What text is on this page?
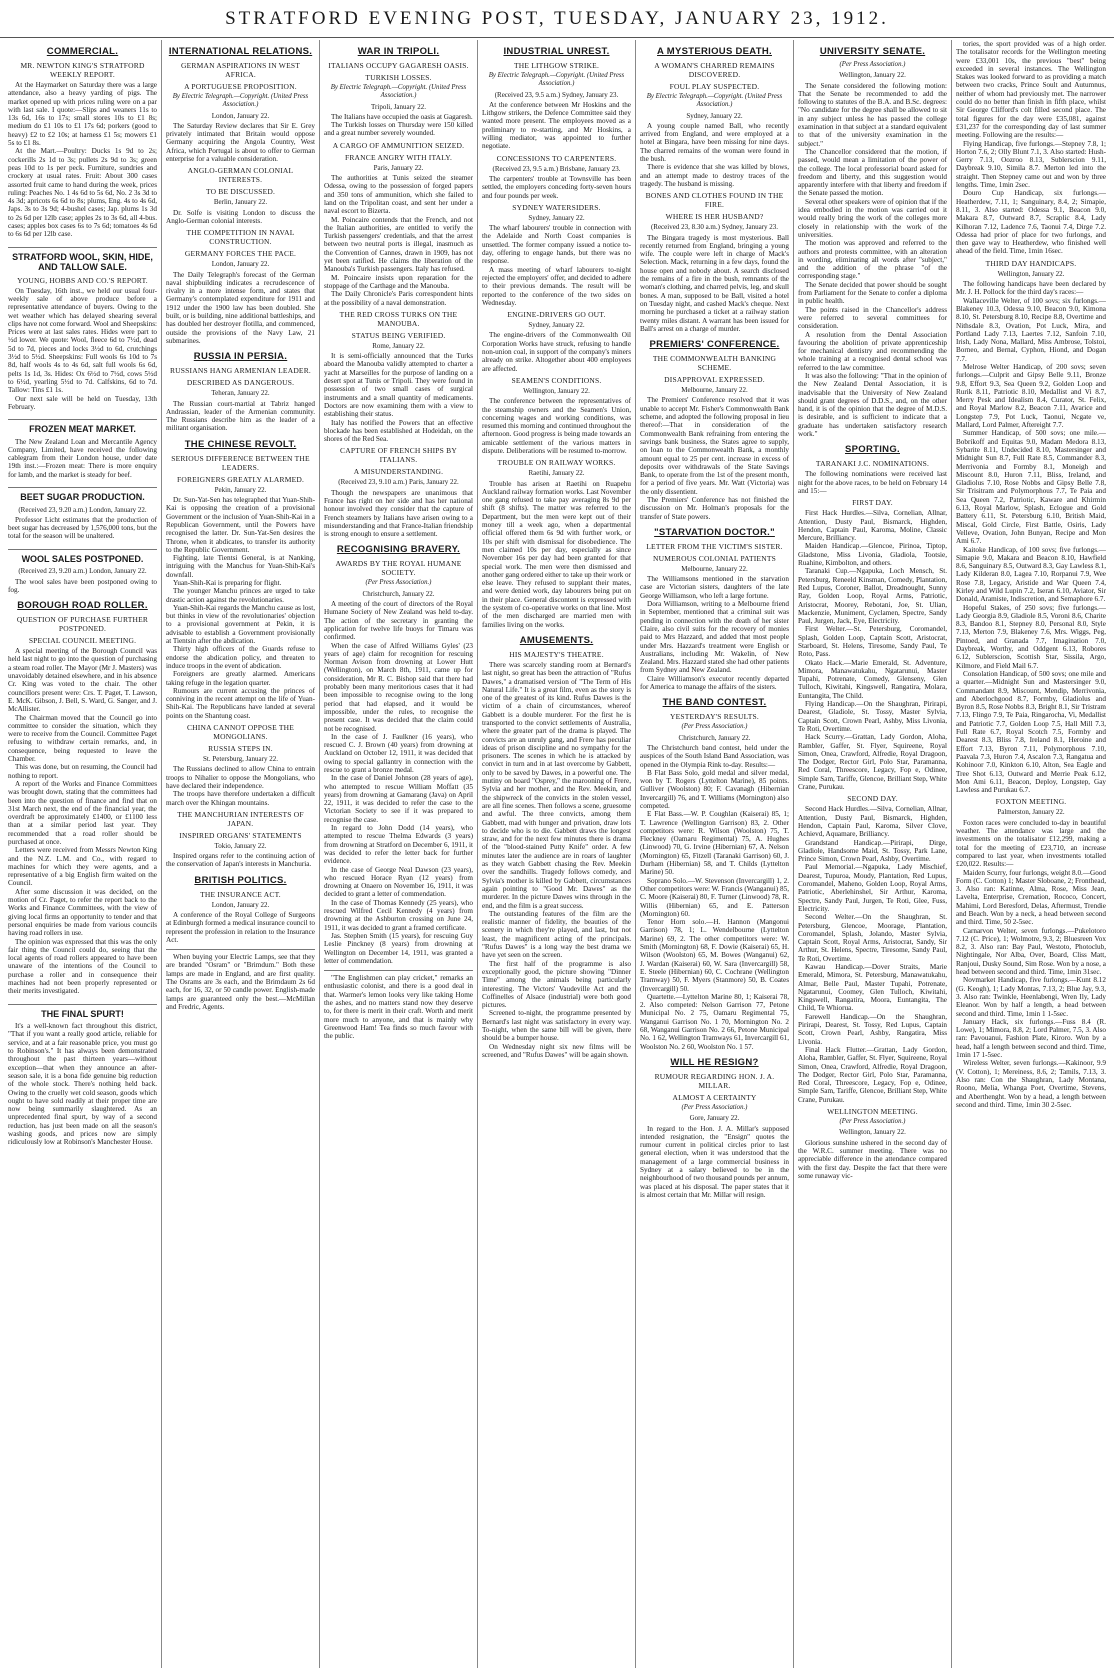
STRATFORD EVENING POST, TUESDAY, JANUARY 23, 1912.
COMMERCIAL.
MR. NEWTON KING'S STRATFORD WEEKLY REPORT.
At the Haymarket on Saturday there was a large attendance, also a heavy yarding of pigs. The market opened up with prices ruling were on a par with last sale. I quote:—Slips and weaners 11s to 13s 6d, 16s to 17s; small stores 10s to £1 8s; medium do £1 10s to £1 17s 6d; porkers (good to heavy) £2 to £2 10s; at harness £1 5s; mowers £1 5s to £1 8s.
At the Mart.—Poultry: Ducks 1s 9d to 2s; cockerills 2s 1d to 3s; pullets 2s 9d to 3s; green peas 10d to 1s per peck. Furniture, sundries and crockery at usual rates. Fruit: About 300 cases assorted fruit came to hand during the week, prices ruling: Peaches No. 1 4s 6d to 5s 6d, No. 2 3s 3d to 4s 3d; apricots 6s 6d to 8s; plums, Eng. 4s to 4s 6d, Japs. 3s to 3s 9d; 4-bushel cases; Jap. plums 1s 3d to 2s 6d per 12lb case; apples 2s to 3s 6d, all 4-bus. cases; apples box cases 6s to 7s 6d; tomatoes 4s 6d to 6s 6d per 12lb case.
STRATFORD WOOL, SKIN, HIDE, AND TALLOW SALE.
YOUNG, HOBBS AND CO.'S REPORT.
On Tuesday, 16th inst., we held our usual four-weekly sale of above produce before a representative attendance of buyers. Owing to the wet weather which has delayed shearing several clips have not come forward. Wool and Sheepskins: Prices were at last sales rates. Hides were part to ½d lower. We quote: Wool, fleece 6d to 7½d, dead 5d to 7d, pieces and locks 3½d to 6d, crutchings 3½d to 5½d. Sheepskins: Full wools 6s 10d to 7s 8d, half wools 4s to 4s 6d, salt full wools 6s 6d, pelts 1s 1d, 3s. Hides: Ox 6½d to 7½d, cows 5½d to 6½d, yearling 5½d to 7d. Calfskins, 6d to 7d. Tallow: Tins £1 1s.
Our next sale will be held on Tuesday, 13th February.
FROZEN MEAT MARKET.
The New Zealand Loan and Mercantile Agency Company, Limited, have received the following cablegram from their London house, under date 19th inst.:—Frozen meat: There is more enquiry for lamb, and the market is steady for beef.
BEET SUGAR PRODUCTION.
(Received 23, 9.20 a.m.) London, January 22.
Professor Licht estimates that the production of beet sugar has decreased by 1,576,000 tons, but the total for the season will be unaltered.
WOOL SALES POSTPONED.
(Received 23, 9.20 a.m.) London, January 22.
The wool sales have been postponed owing to fog.
BOROUGH ROAD ROLLER.
QUESTION OF PURCHASE FURTHER POSTPONED.
SPECIAL COUNCIL MEETING.
A special meeting of the Borough Council was held last night to go into the question of purchasing a steam road roller. The Mayor (Mr J. Masters) was unavoidably detained elsewhere, and in his absence Cr. King was voted to the chair. The other councillors present were: Crs. T. Paget, T. Lawson, E. McK. Gibson, J. Bell, S. Ward, G. Sanger, and J. McAllister.
The Chairman moved that the Council go into committee to consider the situation, which they were to receive from the Council. Committee Paget refusing to withdraw certain remarks, and, in consequence, being requested to leave the Chamber.
This was done, but on resuming, the Council had nothing to report.
A report of the Works and Finance Committees was brought down, stating that the committees had been into the question of finance and find that on 31st March next, the end of the financial year, the overdraft be approximately £1400, or £1100 less than at a similar period last year. They recommended that a road roller should be purchased at once.
Letters were received from Messrs Newton King and the N.Z. L.M. and Co., with regard to machines for which they were agents, and a representative of a big English firm waited on the Council.
After some discussion it was decided, on the motion of Cr. Paget, to refer the report back to the Works and Finance Committees, with the view of giving local firms an opportunity to tender and that personal enquiries be made from various councils having road rollers in use.
The opinion was expressed that this was the only fair thing the Council could do, seeing that the local agents of road rollers appeared to have been unaware of the intentions of the Council to purchase a roller and in consequence their machines had not been properly represented or their merits investigated.
THE FINAL SPURT!
It's a well-known fact throughout this district, "That if you want a really good article, reliable for service, and at a fair reasonable price, you must go to Robinson's." It has always been demonstrated throughout the past thirteen years—without exception—that when they announce an after-season sale, it is a bona fide genuine big reduction of the whole stock. There's nothing held back. Owing to the cruelly wet cold season, goods which ought to have sold readily at their proper time are now being summarily slaughtered. As an unprecedented final spurt, by way of a second reduction, has just been made on all the season's washing goods, and prices now are simply ridiculously low at Robinson's Manchester House.
INTERNATIONAL RELATIONS.
GERMAN ASPIRATIONS IN WEST AFRICA.
A PORTUGUESE PROPOSITION.
By Electric Telegraph.—Copyright. (United Press Association.)
London, January 22.
The Saturday Review declares that Sir E. Grey privately intimated that Britain would oppose Germany acquiring the Angola Country, West Africa, which Portugal is about to offer to German enterprise for a valuable consideration.
ANGLO-GERMAN COLONIAL INTERESTS.
TO BE DISCUSSED.
Berlin, January 22.
Dr. Solfe is visiting London to discuss the Anglo-German colonial interests.
THE COMPETITION IN NAVAL CONSTRUCTION.
GERMANY FORCES THE PACE.
London, January 22.
The Daily Telegraph's forecast of the German naval shipbuilding indicates a recrudescence of rivalry in a more intense form, and states that Germany's contemplated expenditure for 1911 and 1912 under the 1900 law has been doubled. She built, or is building, nine additional battleships, and has doubled her destroyer flotilla, and commenced, outside the provisions of the Navy Law, 21 submarines.
RUSSIA IN PERSIA.
RUSSIANS HANG ARMENIAN LEADER.
DESCRIBED AS DANGEROUS.
Teheran, January 22.
The Russian court-martial at Tabriz hanged Andrassian, leader of the Armenian community. The Russians describe him as the leader of a militant organisation.
THE CHINESE REVOLT.
SERIOUS DIFFERENCE BETWEEN THE LEADERS.
FOREIGNERS GREATLY ALARMED.
Pekin, January 22.
Dr. Sun-Yat-Sen has telegraphed that Yuan-Shih-Kai is opposing the creation of a provisional Government or the inclusion of Yuan-Shih-Kai in a Republican Government, until the Powers have recognised the latter. Dr. Sun-Yat-Sen desires the Throne, when it abdicates, to transfer its authority to the Republic Government.
Fighting, late Tientsi General, is at Nanking, intriguing with the Manchus for Yuan-Shih-Kai's downfall.
Yuan-Shih-Kai is preparing for flight.
The younger Manchu princes are urged to take drastic action against the revolutionaries.
Yuan-Shih-Kai regards the Manchu cause as lost, but thinks in view of the revolutionaries' objection to a provisional government at Pekin, it is advisable to establish a Government provisionally at Tientsin after the abdication.
Thirty high officers of the Guards refuse to endorse the abdication policy, and threaten to induce troops in the event of abdication.
Foreigners are greatly alarmed. Americans taking refuge in the legation quarter.
Rumours are current accusing the princes of conniving in the recent attempt on the life of Yuan-Shih-Kai. The Republicans have landed at several points on the Shantung coast.
CHINA CANNOT OPPOSE THE MONGOLIANS.
RUSSIA STEPS IN.
St. Petersburg, January 22.
The Russians declined to allow China to entrain troops to Nihalier to oppose the Mongolians, who have declared their independence.
The troops have therefore undertaken a difficult march over the Khingan mountains.
THE MANCHURIAN INTERESTS OF JAPAN.
INSPIRED ORGANS' STATEMENTS
Tokio, January 22.
Inspired organs refer to the continuing action of the conservation of Japan's interests in Manchuria.
BRITISH POLITICS.
THE INSURANCE ACT.
London, January 22.
A conference of the Royal College of Surgeons at Edinburgh formed a medical insurance council to represent the profession in relation to the Insurance Act.
When buying your Electric Lamps, see that they are branded "Osram" or "Brimdum." Both these lamps are made in England, and are first quality. The Osrams are 3s each, and the Brimdaum 2s 6d each, for 16, 32, or 50 candle power. English-made lamps are guaranteed only the best.—McMillan and Fredric, Agents.
WAR IN TRIPOLI.
ITALIANS OCCUPY GAGARESH OASIS.
TURKISH LOSSES.
By Electric Telegraph.—Copyright. (United Press Association.)
Tripoli, January 22.
The Italians have occupied the oasis at Gagaresh.
The Turkish losses on Thursday were 150 killed and a great number severely wounded.
A CARGO OF AMMUNITION SEIZED.
FRANCE ANGRY WITH ITALY.
Paris, January 22.
The authorities at Tunis seized the steamer Odessa, owing to the possession of forged papers and 350 tons of ammunition, which she failed to land on the Tripolitan coast, and sent her under a naval escort to Bizerta.
M. Poincaire contends that the French, and not the Italian authorities, are entitled to verify the Turkish passengers' credentials, and that the arrest between two neutral ports is illegal, inasmuch as the Convention of Cannes, drawn in 1909, has not yet been ratified. He claims the liberation of the Manouba's Turkish passengers. Italy has refused.
M. Poincaire insists upon reparation for the stoppage of the Carthage and the Manouba.
The Daily Chronicle's Paris correspondent hints at the possibility of a naval demonstration.
THE RED CROSS TURKS ON THE MANOUBA.
STATUS BEING VERIFIED.
Rome, January 22.
It is semi-officially announced that the Turks aboard the Manouba validly attempted to charter a yacht at Marseilles for the purpose of landing on a desert spot at Tunis or Tripoli. They were found in possession of two small cases of surgical instruments and a small quantity of medicaments. Doctors are now examining them with a view to establishing their status.
Italy has notified the Powers that an effective blockade has been established at Hodeidah, on the shores of the Red Sea.
CAPTURE OF FRENCH SHIPS BY ITALIANS.
A MISUNDERSTANDING.
(Received 23, 9.10 a.m.) Paris, January 22.
Though the newspapers are unanimous that France has right on her side and has her national honour involved they consider that the capture of French steamers by Italians have arisen owing to a misunderstanding and that France-Italian friendship is strong enough to ensure a settlement.
RECOGNISING BRAVERY.
AWARDS BY THE ROYAL HUMANE SOCIETY.
(Per Press Association.)
Christchurch, January 22.
A meeting of the court of directors of the Royal Humane Society of New Zealand was held to-day. The action of the secretary in granting the application for twelve life buoys for Timaru was confirmed.
When the case of Alfred Williams Gyles' (23 years of age) claim for recognition for rescuing Norman Avison from drowning at Lower Hutt (Wellington), on March 8th, 1911, came up for consideration, Mr R. C. Bishop said that there had probably been many meritorious cases that it had been impossible to recognise owing to the long period that had elapsed, and it would be impossible, under the rules, to recognise the present case. It was decided that the claim could not be recognised.
In the case of J. Faulkner (16 years), who rescued C. J. Brown (40 years) from drowning at Auckland on October 12, 1911, it was decided that owing to special gallantry in connection with the rescue to grant a bronze medal.
In the case of Daniel Johnson (28 years of age), who attempted to rescue William Moffatt (35 years) from drowning at Gamarang (Java) on April 22, 1911, it was decided to refer the case to the Victorian Society to see if it was prepared to recognise the case.
In regard to John Dodd (14 years), who attempted to rescue Thelma Edwards (3 years) from drowning at Stratford on December 6, 1911, it was decided to refer the letter back for further evidence.
In the case of George Neal Dawson (23 years), who rescued Horace Ryan (12 years) from drowning at Onaero on November 16, 1911, it was decided to grant a letter of commendation.
In the case of Thomas Kennedy (25 years), who rescued Wilfred Cecil Kennedy (4 years) from drowning at the Ashburton crossing on June 24, 1911, it was decided to grant a framed certificate.
Jas. Stephen Smith (15 years), for rescuing Guy Leslie Pinckney (8 years) from drowning at Wellington on December 14, 1911, was granted a letter of commendation.
"The Englishmen can play cricket," remarks an enthusiastic colonist, and there is a good deal in that. Warmer's lemon looks very like taking Home the ashes, and no matters stand now they deserve to, for there is merit in their craft. Worth and merit more much to anyone, and that is mainly why Greenwood Ham! Tea finds so much favour with the public.
INDUSTRIAL UNREST.
THE LITHGOW STRIKE.
By Electric Telegraph.—Copyright. (United Press Association.)
(Received 23, 9.5 a.m.) Sydney, January 23.
At the conference between Mr Hoskins and the Lithgow strikers, the Defence Committee said they wanted more present. The employees moved as a preliminary to re-starting, and Mr Hoskins, a willing mediator, was appointed to further negotiate.
CONCESSIONS TO CARPENTERS.
(Received 23, 9.5 a.m.) Brisbane, January 23.
The carpenters' trouble at Townsville has been settled, the employers conceding forty-seven hours and four pounds per week.
SYDNEY WATERSIDERS.
Sydney, January 22.
The wharf labourers' trouble in connection with the Adelaide and North Coast companies is unsettled. The former company issued a notice to-day, offering to engage hands, but there was no response.
A mass meeting of wharf labourers to-night rejected the employers' offer, and decided to adhere to their previous demands. The result will be reported to the conference of the two sides on Wednesday.
ENGINE-DRIVERS GO OUT.
Sydney, January 22.
The engine-drivers of the Commonwealth Oil Corporation Works have struck, refusing to handle non-union coal, in support of the company's miners already on strike. Altogether about 400 employees are affected.
SEAMEN'S CONDITIONS.
Wellington, January 22.
The conference between the representatives of the steamship owners and the Seamen's Union, concerning wages and working conditions, was resumed this morning and continued throughout the afternoon. Good progress is being made towards an amicable settlement of the various matters in dispute. Deliberations will be resumed to-morrow.
TROUBLE ON RAILWAY WORKS.
Raetihi, January 22.
Trouble has arisen at Raetihi on Ruapehu Auckland railway formation works. Last November one gang refused to take pay averaging 8s 9d per shift (8 shifts). The matter was referred to the Department, but the men were kept out of their money till a week ago, when a departmental official offered them 6s 9d with further work, or 10s per shift with dismissal for disobedience. The men claimed 10s per day, especially as since November 16s per day had been granted for that special work. The men were then dismissed and another gang ordered either to take up their work or else leave. They refused to supplant their mates, and were denied work, day labourers being put on in their place. General discontent is expressed with the system of co-operative works on that line. Most of the men discharged are married men with families living on the works.
AMUSEMENTS.
HIS MAJESTY'S THEATRE.
There was scarcely standing room at Bernard's last night, so great has been the attraction of "Rufus Dawes," a dramatised version of "The Term of His Natural Life." It is a great film, even as the story is one of the greatest of its kind. Rufus Dawes is the victim of a chain of circumstances, whereof Gabbett is a double murderer. For the first he is transported to the convict settlements of Australia, where the greater part of the drama is played. The convicts are an unruly gang, and Frere has peculiar ideas of prison discipline and no sympathy for the prisoners. The scenes in which he is attacked by convict in turn and in at last overcome by Gabbett, only to be saved by Dawes, in a powerful one. The mutiny on board "Osprey," the marooning of Frere, Sylvia and her mother, and the Rev. Meekin, and the shipwreck of the convicts in the stolen vessel, are all fine scenes. Then follows a scene, gruesome and awful. The three convicts, among them Gabbett, mad with hunger and privation, draw lots to decide who is to die. Gabbett draws the longest straw, and for the next few minutes there is drama of the "blood-stained Putty Knife" order. A few minutes later the audience are in roars of laughter as they watch Gabbett chasing the Rev. Meekin over the sandhills. Tragedy follows comedy, and Sylvia's mother is killed by Gabbett, circumstances again pointing to "Good Mr. Dawes" as the murderer. In the picture Dawes wins through in the end, and the film is a great success.
The outstanding features of the film are the realistic manner of fidelity, the beauties of the scenery in which they're played, and last, but not least, the magnificent acting of the principals. "Rufus Dawes" is a long way the best drama we have yet seen on the screen.
The first half of the programme is also exceptionally good, the picture showing "Dinner Time" among the animals being particularly interesting. The Victors' Vaudeville Act and the Coffinelles of Alsace (industrial) were both good pictures.
Screened to-night, the programme presented by Bernard's last night was satisfactory in every way. To-night, when the same bill will be given, there should be a bumper house.
On Wednesday night six new films will be screened, and "Rufus Dawes" will be again shown.
A MYSTERIOUS DEATH.
A WOMAN'S CHARRED REMAINS DISCOVERED.
FOUL PLAY SUSPECTED.
By Electric Telegraph.—Copyright. (United Press Association.)
Sydney, January 22.
A young couple named Ball, who recently arrived from England, and were employed at a hotel at Bingara, have been missing for nine days. The charred remains of the woman were found in the bush.
There is evidence that she was killed by blows, and an attempt made to destroy traces of the tragedy. The husband is missing.
BONES AND CLOTHES FOUND IN THE FIRE.
WHERE IS HER HUSBAND?
(Received 23, 8.30 a.m.) Sydney, January 23.
The Bingara tragedy is most mysterious. Ball recently returned from England, bringing a young wife. The couple were left in charge of Mack's Selection. Mack, returning in a few days, found the house open and nobody about. A search disclosed the remains of a fire in the bush, remnants of the woman's clothing, and charred pelvis, leg, and skull bones. A man, supposed to be Ball, visited a hotel on Tuesday night, and cashed Mack's cheque. Next morning he purchased a ticket at a railway station twenty miles distant. A warrant has been issued for Ball's arrest on a charge of murder.
PREMIERS' CONFERENCE.
THE COMMONWEALTH BANKING SCHEME.
DISAPPROVAL EXPRESSED.
Melbourne, January 22.
The Premiers' Conference resolved that it was unable to accept Mr. Fisher's Commonwealth Bank scheme, and adopted the following proposal in lieu thereof:—That in consideration of the Commonwealth Bank refraining from entering the savings bank business, the States agree to supply, on loan to the Commonwealth Bank, a monthly amount equal to 25 per cent. increase in excess of deposits over withdrawals of the State Savings Bank, to operate from the 1st of the present month, for a period of five years. Mr. Watt (Victoria) was the only dissentient.
The Premiers' Conference has not finished the discussion on Mr. Holman's proposals for the transfer of State powers.
"STARVATION DOCTOR."
LETTER FROM THE VICTIM'S SISTER.
NUMEROUS COLONIAL PATIENTS
Melbourne, January 22.
The Williamsons mentioned in the starvation case are Victorian sisters, daughters of the late George Williamson, who left a large fortune.
Dora Williamson, writing to a Melbourne friend in September, mentioned that a criminal suit was pending in connection with the death of her sister Claire, also civil suits for the recovery of monies paid to Mrs Hazzard, and added that most people under Mrs. Hazzard's treatment were English or Australians, including Mr. Wakelin, of New Zealand. Mrs. Hazzard stated she had other patients from Sydney and New Zealand.
Claire Williamson's executor recently departed for America to manage the affairs of the sisters.
THE BAND CONTEST.
YESTERDAY'S RESULTS.
(Per Press Association.)
Christchurch, January 22.
The Christchurch band contest, held under the auspices of the South Island Band Association, was opened in the Olympia Rink to-day. Results:—
B Flat Bass Solo, gold medal and silver medal, won by T. Rogers (Lyttelton Marine), 85 points. Gulliver (Woolston) 80; F. Cavanagh (Hibernian Invercargill) 76, and T. Williams (Mornington) also competed.
E Flat Bass.—W. P. Coughlan (Kaiserai) 85, 1; T. Lawrence (Wellington Garrison) 83, 2. Other competitors were: R. Wilson (Woolston) 75, T. Fleckney (Oamaru Regimental) 75, A. Hughes (Linwood) 70, G. Irvine (Hibernian) 67, A. Nelson (Mornington) 65, Fitzell (Taranaki Garrison) 60, J. Durham (Hibernian) 58, and T. Childs (Lyttelton Marine) 50.
Soprano Solo.—W. Stevenson (Invercargill) 1, 2. Other competitors were: W. Francis (Wanganui) 85, C. Moore (Kaiserai) 80, F. Turner (Linwood) 78, R. Willis (Hibernian) 65, and E. Patterson (Mornington) 60.
Tenor Horn solo.—H. Hannon (Mangonui Garrison) 78, 1; L. Wendelbourne (Lyttelton Marine) 69, 2. The other competitors were: W. Smith (Mornington) 68, F. Dowie (Kaiserai) 65, H. Wilson (Woolston) 65, M. Bowes (Wanganui) 62, J. Wardan (Kaiserai) 60, W. Sara (Invercargill) 58, E. Steele (Hibernian) 60, C. Cochrane (Wellington Tramway) 50, F. Myers (Stanmore) 50, B. Coates (Invercargill) 50.
Quartette.—Lyttelton Marine 80, 1; Kaiserai 78, 2. Also competed: Nelson Garrison 77, Petone Municipal No. 2 75, Oamaru Regimental 75, Wanganui Garrison No. 1 70, Mornington No. 2 68, Wanganui Garrison No. 2 66, Petone Municipal No. 1 62, Wellington Tramways 61, Invercargill 61, Woolston No. 2 60, Woolston No. 1 57.
WILL HE RESIGN?
RUMOUR REGARDING HON. J. A. MILLAR.
ALMOST A CERTAINTY
(Per Press Association.)
Gore, January 22.
In regard to the Hon. J. A. Millar's supposed intended resignation, the "Ensign" quotes the rumour current in political circles prior to last general election, when it was understood that the management of a large commercial business in Sydney at a salary believed to be in the neighbourhood of two thousand pounds per annum, was placed at his disposal. The paper states that it is almost certain that Mr. Millar will resign.
UNIVERSITY SENATE.
(Per Press Association.)
Wellington, January 22.
The Senate considered the following motion: That the Senate be recommended to add the following to statutes of the B.A. and B.Sc. degrees: "No candidate for the degree shall be allowed to sit in any subject unless he has passed the college examination in that subject at a standard equivalent to that of the university examination in the subject."
The Chancellor considered that the motion, if passed, would mean a limitation of the power of the college. The local professorial board asked for freedom and liberty, and this suggestion would apparently interfere with that liberty and freedom if the Senate passed the motion.
Several other speakers were of opinion that if the idea embodied in the motion was carried out it would really bring the work of the colleges more closely in relationship with the work of the universities.
The motion was approved and referred to the authors and protests committee, with an alteration in wording, eliminating all words after "subject," and the addition of the phrase "of the corresponding stage."
The Senate decided that power should be sought from Parliament for the Senate to confer a diploma in public health.
The points raised in the Chancellor's address were referred to several committees for consideration.
A resolution from the Dental Association favouring the abolition of private apprenticeship for mechanical dentistry and recommending the whole training at a recognised dental school was referred to the law committee.
It was also the following: "That in the opinion of the New Zealand Dental Association, it is inadvisable that the University of New Zealand should grant degrees of D.D.S., and, on the other hand, it is of the opinion that the degree of M.D.S. is desirable, and is sufficient to indicate that a graduate has undertaken satisfactory research work."
SPORTING.
TARANAKI J.C. NOMINATIONS.
The following nominations were received last night for the above races, to be held on February 14 and 15:—
FIRST DAY.
First Hack Hurdles.—Silva, Cornelian, Allnar, Attention, Dusty Paul, Bismarck, Highden, Hendon, Captain Paul, Karoma, Moline, Classic Mercure, Brilliancy.
Maiden Handicap.—Glencoe, Pirinoa, Tiptop, Gladstone, Miss Livonia, Gladiola, Tootsie, Ruahine, Kimbolton, and others.
Taranaki Cup.—Ngapuka, Loch Mensch, St. Petersburg, Reneeld Kinsman, Comedy, Plantation, Red Lupus, Coroner, Ballot, Dreadnought, Sunny Ray, Golden Loop, Royal Arms, Patriotic, Aristocrat, Moorey, Rebotani, Joe, St. Ulian, Mackenzie, Muniment, Cyclamen, Spectre, Sandy Paul, Jurgen, Jack, Eye, Electricity.
First Welter.—St. Petersburg, Coromandel, Splash, Golden Loop, Captain Scott, Aristocrat, Starboard, St. Helens, Tiresome, Sandy Paul, Te Roto, Pass.
Okato Hack.—Marie Emerald, St. Adventure, Mimora, Manawatukahu, Ngatarunui, Master Tupahi, Potrenate, Comedy, Glenseny, Glen Tulloch, Kiwitahi, Kingswell, Rangatira, Molara, Euntangita, The Child.
Flying Handicap.—On the Shaughran, Pirirapi, Dearest, Gladiole, St. Tossy, Master Sylvia, Captain Scott, Crown Pearl, Ashby, Miss Livonia, Te Roti, Overtime.
Hack Scurry.—Grattan, Lady Gordon, Aloha, Rambler, Gaffer, St. Flyer, Squireene, Royal Simon, Onea, Crawford, Alfredie, Royal Dragoon, The Dodger, Rector Girl, Polo Star, Paramanna, Red Coral, Threescore, Legacy, Fop e, Odinee, Simple Sam, Tariffe, Glencoe, Brilliant Step, White Crane, Purukau.
SECOND DAY.
Second Hack Hurdles.—Silva, Cornelian, Allnar, Attention, Dusty Paul, Bismarck, Highden, Hendon, Captain Paul, Karoma, Silver Clove, Achievd, Aquamare, Brilliancy.
Grandstand Handicap.—Pirirapi, Dirge, Gladiole, Handsome Maid, St. Tossy, Park Lane, Prince Simon, Crown Pearl, Ashby, Overtime.
Paul Memorial.—Ngapuka, Lady Mischief, Dearest, Tupuroa, Moudy, Plantation, Red Lupus, Coromandel, Maheno, Golden Loop, Royal Arms, Patriotic, Aberlehinshel, Sir Arthur, Karoma, Spectre, Sandy Paul, Jurgen, Te Roti, Glee, Fuss, Electricity.
Second Welter.—On the Shaughran, St. Petersburg, Glencoe, Moorage, Plantation, Coromandel, Splash, Jolando, Master Sylvia, Captain Scott, Royal Arms, Aristocrat, Sandy, Sir Arthur, St. Helens, Spectre, Tiresome, Sandy Paul, Te Roti, Overtime.
Kawau Handicap.—Dover Straits, Marie Emerald, Mimora, St. Petersburg, Manawatukahu, Almar, Belle Paul, Master Tupahi, Potrenate, Ngatarunui, Coomey, Glen Tulloch, Kiwitahi, Kingswell, Rangatira, Moora, Euntangita, The Child, Te Whiorua.
Farewell Handicap.—On the Shaughran, Pirirapi, Dearest, St. Tossy, Red Lupus, Captain Scott, Crown Pearl, Ashby, Rangatira, Miss Livonia.
Final Hack Flutter.—Grattan, Lady Gordon, Aloha, Rambler, Gaffer, St. Flyer, Squireene, Royal Simon, Onea, Crawford, Alfredie, Royal Dragoon, The Dodger, Rector Girl, Polo Star, Paramanna, Red Coral, Threescore, Legacy, Fop e, Odinee, Simple Sam, Tariffe, Glencoe, Brilliant Step, White Crane, Purukau.
WELLINGTON MEETING.
(Per Press Association.)
Wellington, January 22.
Glorious sunshine ushered in the second day of the W.R.C. summer meeting. There was no appreciable difference in the attendance compared with the first day. Despite the fact that there were some runaway vic-
tories, the sport provided was of a high order. The totalisator records for the Wellington meeting were £33,001 10s, the previous "best" being exceeded in several instances. The Wellington Stakes was looked forward to as providing a match between two cracks, Prince Soult and Autumnus, neither of whom had previously met. The narrower could do no better than finish in fifth place, whilst Sir George Clifford's colt filled second place. The total figures for the day were £35,081, against £31,237 for the corresponding day of last summer meeting. Following are the results:—
Flying Handicap, five furlongs.—Stepney 7.8, 1; Horton 7.6, 2; Olly Blunt 7.1, 3. Also started: Hush-Gerry 7.13, Oozroo 8.13, Sublerscion 9.11, Daybreak 9.10, Simila 8.7. Merton led into the straight. Then Stepney came out and won by three lengths. Time, 1min 2sec.
Douro Cup Handicap, six furlongs.—Heatherdew, 7.11, 1; Sanguinary, 8.4, 2; Simapie, 8.11, 3. Also started: Odessa 9.1, Beacon 9.0, Makara 8.7, Outward 8.7, Scraplic 8.4, Lady Kilhoran 7.12, Ladence 7.6, Taonui 7.4, Dirge 7.2. Odessa had prior of place for two furlongs, and then gave way to Heatherdew, who finished well ahead of the field. Time, 1min 16sec.
THIRD DAY HANDICAPS.
Wellington, January 22.
The following handicaps have been declared by Mr. J. H. Pollock for the third day's races:—
Wallaceville Welter, of 100 sovs; six furlongs.—Blakeney 10.3, Odessa 9.10, Beacon 9.0, Kimona 8.10, St. Petersburg 8.10, Recipe 8.8, Overtime and Nithsdale 8.3, Ovation, Pot Luck, Mira, and Portland Lady 7.13, Laertes 7.12, Sanfoin 7.10, Irish, Lady Nona, Mallard, Miss Ambrose, Tolstoi, Borneo, and Bernal, Cyphon, Hiond, and Dogan 7.7.
Melrose Welter Handicap, of 200 sovs; seven furlongs.—Culprit and Gipsy Belle 9.11, Bronze 9.8, Effort 9.3, Sea Queen 9.2, Golden Loop and Rurik 8.11, Patriotic 8.10, Medallist and Vi 8.7, Merry Pesk and Idealism 8.4, Curator, St. Felix, and Royal Marlow 8.2, Beacon 7.11, Avarice and Longstep 7.9, Pot Luck, Taonui, Ncgate ve, Mallard, Lord Palmer, Aftereight 7.7.
Summer Handicap, of 500 sovs; one mile.—Bobrikoff and Equitas 9.0, Madam Medora 8.13, Sybarite 8.11, Undecided 8.10, Mastersinger and Midnight Sun 8.7, Full Rate 8.5, Commander 8.3, Merrivonia and Formby 8.1, Moneigh and Miscount 8.0, Huron 7.11, Bliss, Ireland, and Gladiolus 7.10, Rose Nobbs and Gipsy Belle 7.8, Sir Trisitram and Polymorphous 7.7, Te Paia and Sea Queen 7.2, Patriotic, Kaware and Khirmin 6.13, Royal Marlow, Splash, Eclogue and Gold Battery 6.11, St. Petersburg 6.10, British Maid, Miscal, Gold Circle, First Battle, Osiris, Lady Velleve, Ovation, John Bunyan, Recipe and Mon Ami 6.7.
Kaitoke Handicap, of 100 sovs; five furlongs.—Simapie 9.0, Makara and Beacon 8.10, Hawfield 8.6, Sanguinary 8.5, Outward 8.3, Gay Lawless 8.1, Lady Kilderan 8.0, Lagea 7.10, Rorpanui 7.9, Wee Rose 7.8, Legacy, Aristide and War Queen 7.4, Kirley and Wild Lupin 7.2, Iseran 6.10, Aviator, Sir Donald, Aramiste, Indiscretion, and Semaphore 6.7.
Hopeful Stakes, of 250 sovs; five furlongs.—Lady Georgia 8.9, Gladiole 8.5, Voroni 8.6, Charite 8.3, Bandoo 8.1, Stepney 8.0, Personal 8.0, Style 7.13, Merton 7.9, Blakeney 7.6, Mrs. Wiggs, Peg, Pintoed, and Granada 7.7, Imagination 7.0, Daybreak, Worthy, and Oddgent 6.13, Robores 6.12, Sublerscion, Scottish Star, Sissila, Argo, Kilmore, and Field Mail 6.7.
Consolation Handicap, of 500 sovs; one mile and a quarter.—Midnight Sun and Mastersinger 9.0, Commandant 8.9, Miscount, Mendip, Merrivonia, and Aberlochgood 8.7, Formby, Gladiolus and Byron 8.5, Rose Nobbs 8.3, Bright 8.1, Sir Tristram 7.13, Flingo 7.9, Te Paia, Ringarocha, Vi, Medallist and Patriotic 7.7, Golden Loop 7.5, Hall Mill 7.3, Full Rate 6.7, Royal Scotch 7.5, Formby and Dearest 8.3, Bliss 7.8, Ireland 8.1, Heroine and Effort 7.13, Byron 7.11, Polymorphous 7.10, Paavala 7.3, Huron 7.4, Ascalon 7.3, Rangatua and Kohinoor 7.0, Kinkton 6.10, Alton, Sea Eagle and Tree Shot 6.13, Outward and Merrie Peak 6.12, Mon Ami 6.11, Beacon, Deploy, Longstep, Gay Lawless and Purukau 6.7.
FOXTON MEETING.
Palmerston, January 22.
Foxton races were concluded to-day in beautiful weather. The attendance was large and the investments on the totalisator £12,299, making a total for the meeting of £23,710, an increase compared to last year, when investments totalled £20,022. Results:—
Maiden Scurry, four furlongs, weight 8.0.—Good Form (C. Cotton) 1; Master Sloboane, 2; Fronthead, 3. Also ran: Katinne, Alma, Rose, Miss Jean, Lavelta, Enterprise, Cremation, Rococo, Concert, Mahimi, Lord Beresford, Delas, Aftermust, Trendie and Beach. Won by a neck, a head between second and third. Time, 50 2-5sec.
Carnarvon Welter, seven furlongs.—Pukelotoro 7.12 (C. Price), 1; Wolmotre, 9.3, 2; Bluesreen Vox 8.2, 3. Also ran: Bay Paul, Westoto, Photoclub, Nightingale, Nor Alba, Over, Board, Cliss Matt, Ranjoui, Dusky Sound, Sim Rose. Won by a nose, a head between second and third. Time, 1min 31sec.
Novmarket Handicap, five furlongs.—Kunt 8.12 (G. Keogh), 1; Lady Montas, 7.13, 2; Blue Jay, 9.3, 3. Also ran: Twinkle, Heenlabengi, Wren Ily, Lady Eleanor. Won by half a length, a head between second and third. Time, 1min 1 1-5sec.
January Hack, six furlongs.—Fuss 8.4 (R. Lowe), 1; Mimora, 8.8, 2; Lord Palmer, 7.5, 3. Also ran: Pavouanui, Fashion Plate, Kiroro. Won by a head, half a length between second and third. Time, 1min 17 1-5sec.
Wireless Welter, seven furlongs.—Kakinoor, 9.9 (V. Cotton), 1; Mereiness, 8.6, 2; Tamils, 7.13, 3. Also ran: Con the Shaughran, Lady Montana, Roono, Melia, Whanga Poet, Overtime, Stevens, and Aberthenght. Won by a head, a length between second and third. Time, 1min 30 2-5sec.
